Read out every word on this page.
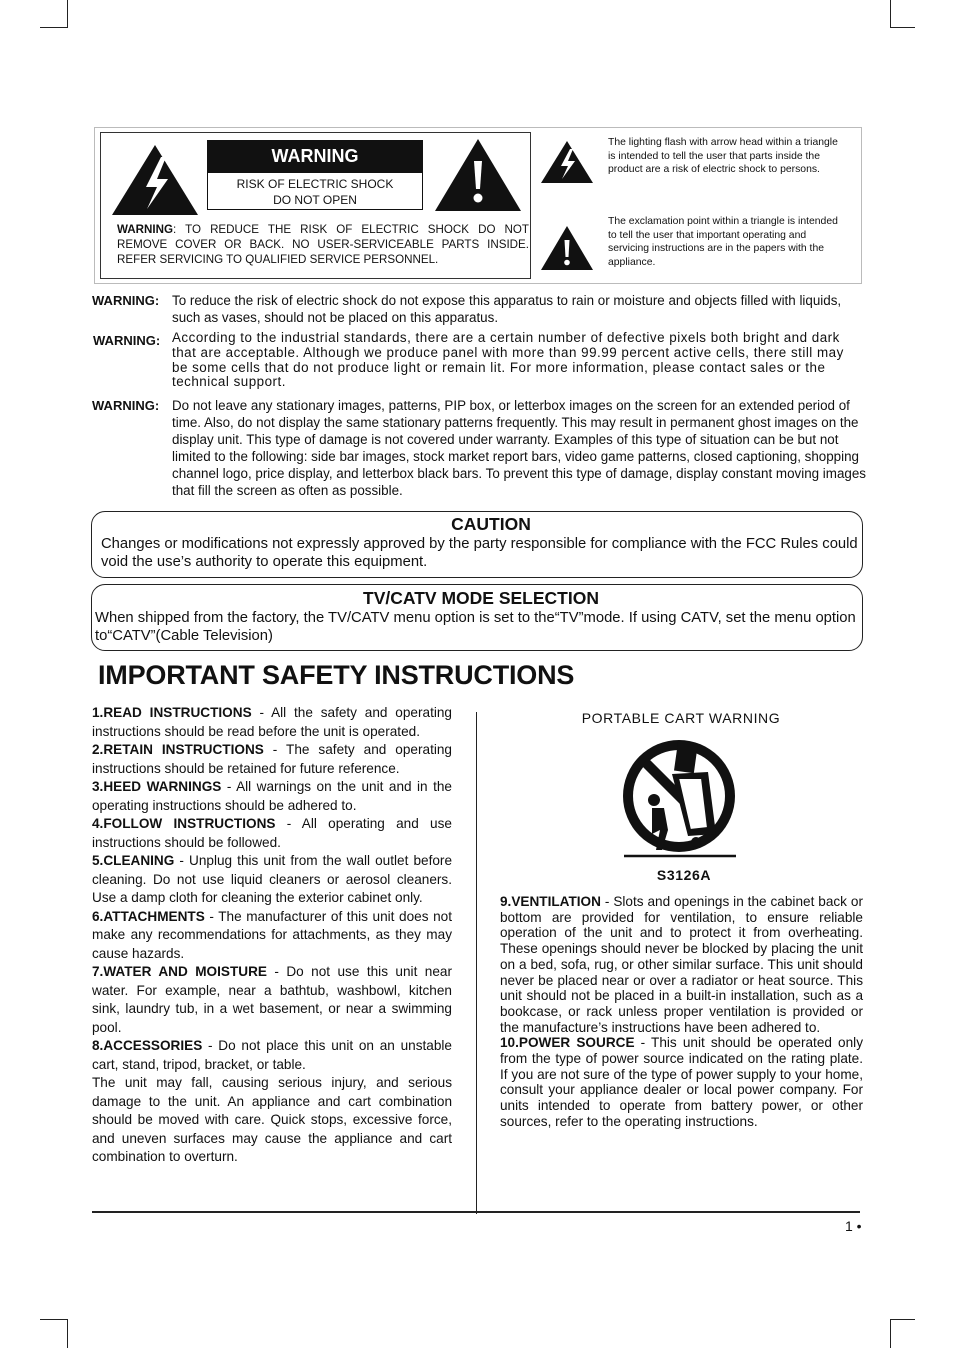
WARNING
RISK OF ELECTRIC SHOCK
DO NOT OPEN
WARNING: TO REDUCE THE RISK OF ELECTRIC SHOCK DO NOT REMOVE COVER OR BACK. NO USER-SERVICEABLE PARTS INSIDE. REFER SERVICING TO QUALIFIED SERVICE PERSONNEL.
The lighting flash with arrow head within a triangle is intended to tell the user that parts inside the product are a risk of electric shock to persons.
The exclamation point within a triangle is intended to tell the user that important operating and servicing instructions are in the papers with the appliance.
WARNING: To reduce the risk of electric shock do not expose this apparatus to rain or moisture and objects filled with liquids, such as vases, should not be placed on this apparatus.
WARNING: According to the industrial standards, there are a certain number of defective pixels both bright and dark that are acceptable. Although we produce panel with more than 99.99 percent active cells, there still may be some cells that do not produce light or remain lit. For more information, please contact sales or the technical support.
WARNING: Do not leave any stationary images, patterns, PIP box, or letterbox images on the screen for an extended period of time. Also, do not display the same stationary patterns frequently. This may result in permanent ghost images on the display unit. This type of damage is not covered under warranty. Examples of this type of situation can be but not limited to the following: side bar images, stock market report bars, video game patterns, closed captioning, shopping channel logo, price display, and letterbox black bars. To prevent this type of damage, display constant moving images that fill the screen as often as possible.
CAUTION
Changes or modifications not expressly approved by the party responsible for compliance with the FCC Rules could void the use’s authority to operate this equipment.
TV/CATV MODE SELECTION
When shipped from the factory, the TV/CATV menu option is set to the“TV”mode. If using CATV, set the menu option to“CATV”(Cable Television)
IMPORTANT SAFETY INSTRUCTIONS

1.READ INSTRUCTIONS - All the safety and operating instructions should be read before the unit is operated.

2.RETAIN INSTRUCTIONS - The safety and operating instructions should be retained for future reference.

3.HEED WARNINGS - All warnings on the unit and in the operating instructions should be adhered to.

4.FOLLOW INSTRUCTIONS - All operating and use instructions should be followed.

5.CLEANING - Unplug this unit from the wall outlet before cleaning. Do not use liquid cleaners or aerosol cleaners. Use a damp cloth for cleaning the exterior cabinet only.

6.ATTACHMENTS - The manufacturer of this unit does not make any recommendations for attachments, as they may cause hazards.

7.WATER AND MOISTURE - Do not use this unit near water. For example, near a bathtub, washbowl, kitchen sink, laundry tub, in a wet basement, or near a swimming pool.

8.ACCESSORIES - Do not place this unit on an unstable cart, stand, tripod, bracket, or table.

The unit may fall, causing serious injury, and serious damage to the unit. An appliance and cart combination should be moved with care. Quick stops, excessive force, and uneven surfaces may cause the appliance and cart combination to overturn.

PORTABLE CART WARNING
S3126A

9.VENTILATION - Slots and openings in the cabinet back or bottom are provided for ventilation, to ensure reliable operation of the unit and to protect it from overheating. These openings should never be blocked by placing the unit on a bed, sofa, rug, or other similar surface. This unit should never be placed near or over a radiator or heat source. This unit should not be placed in a built-in installation, such as a bookcase, or rack unless proper ventilation is provided or the manufacture’s instructions have been adhered to.

10.POWER SOURCE - This unit should be operated only from the type of power source indicated on the rating plate. If you are not sure of the type of power supply to your home, consult your appliance dealer or local power company. For units intended to operate from battery power, or other sources, refer to the operating instructions.

1 •
